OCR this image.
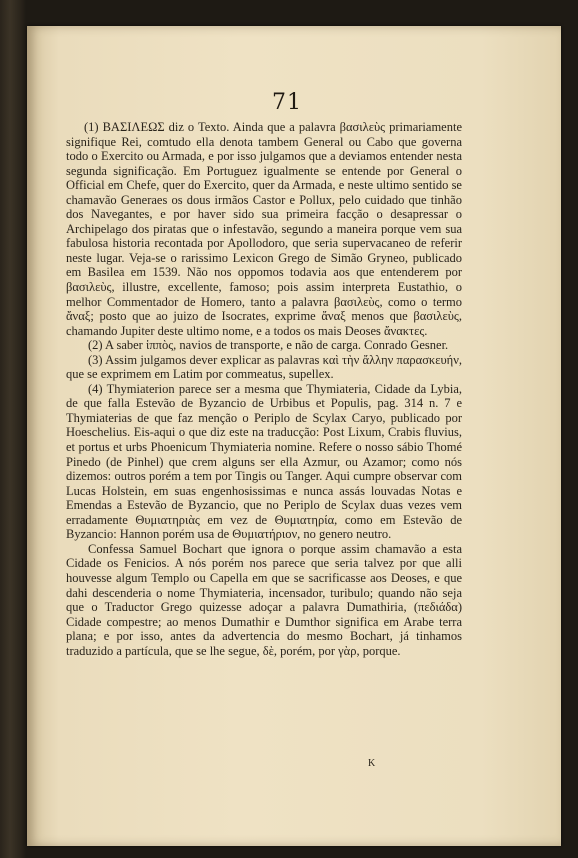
71

(1) ΒΑΣΙΛΕΩΣ diz o Texto. Ainda que a palavra βασιλεὺς primariamente signifique Rei, comtudo ella denota tambem General ou Cabo que governa todo o Exercito ou Armada, e por isso julgamos que a deviamos entender nesta segunda significação. Em Portuguez igualmente se entende por General o Official em Chefe, quer do Exercito, quer da Armada, e neste ultimo sentido se chamavão Generaes os dous irmãos Castor e Pollux, pelo cuidado que tinhão dos Navegantes, e por haver sido sua primeira facção o desapressar o Archipelago dos piratas que o infestavão, segundo a maneira porque vem sua fabulosa historia recontada por Apollodoro, que seria supervacaneo de referir neste lugar. Veja-se o rarissimo Lexicon Grego de Simão Gryneo, publicado em Basilea em 1539. Não nos oppomos todavia aos que entenderem por βασιλεὺς, illustre, excellente, famoso; pois assim interpreta Eustathio, o melhor Commentador de Homero, tanto a palavra βασιλεὺς, como o termo ἄναξ; posto que ao juizo de Isocrates, exprime ἄναξ menos que βασιλεὺς, chamando Jupiter deste ultimo nome, e a todos os mais Deoses ἄνακτες.

(2) A saber ἱππὸς, navios de transporte, e não de carga. Conrado Gesner.

(3) Assim julgamos dever explicar as palavras καὶ τὴν ἄλλην παρασκευήν, que se exprimem em Latim por commeatus, supellex.

(4) Thymiaterion parece ser a mesma que Thymiateria, Cidade da Lybia, de que falla Estevão de Byzancio de Urbibus et Populis, pag. 314 n. 7 e Thymiaterias de que faz menção o Periplo de Scylax Caryo, publicado por Hoeschelius. Eis-aqui o que diz este na traducção: Post Lixum, Crabis fluvius, et portus et urbs Phoenicum Thymiateria nomine. Refere o nosso sábio Thomé Pinedo (de Pinhel) que crem alguns ser ella Azmur, ou Azamor; como nós dizemos: outros porém a tem por Tingis ou Tanger. Aqui cumpre observar com Lucas Holstein, em suas engenhosissimas e nunca assás louvadas Notas e Emendas a Estevão de Byzancio, que no Periplo de Scylax duas vezes vem erradamente Θυμιατηριὰς em vez de Θυμιατηρία, como em Estevão de Byzancio: Hannon porém usa de Θυμιατήριον, no genero neutro.

Confessa Samuel Bochart que ignora o porque assim chamavão a esta Cidade os Fenicios. A nós porém nos parece que seria talvez por que alli houvesse algum Templo ou Capella em que se sacrificasse aos Deoses, e que dahi descenderia o nome Thymiateria, incensador, turibulo; quando não seja que o Traductor Grego quizesse adoçar a palavra Dumathiria, (πεδιάδα) Cidade compestre; ao menos Dumathir e Dumthor significa em Arabe terra plana; e por isso, antes da advertencia do mesmo Bochart, já tinhamos traduzido a partícula, que se lhe segue, δὲ, porém, por γὰρ, porque.

K
